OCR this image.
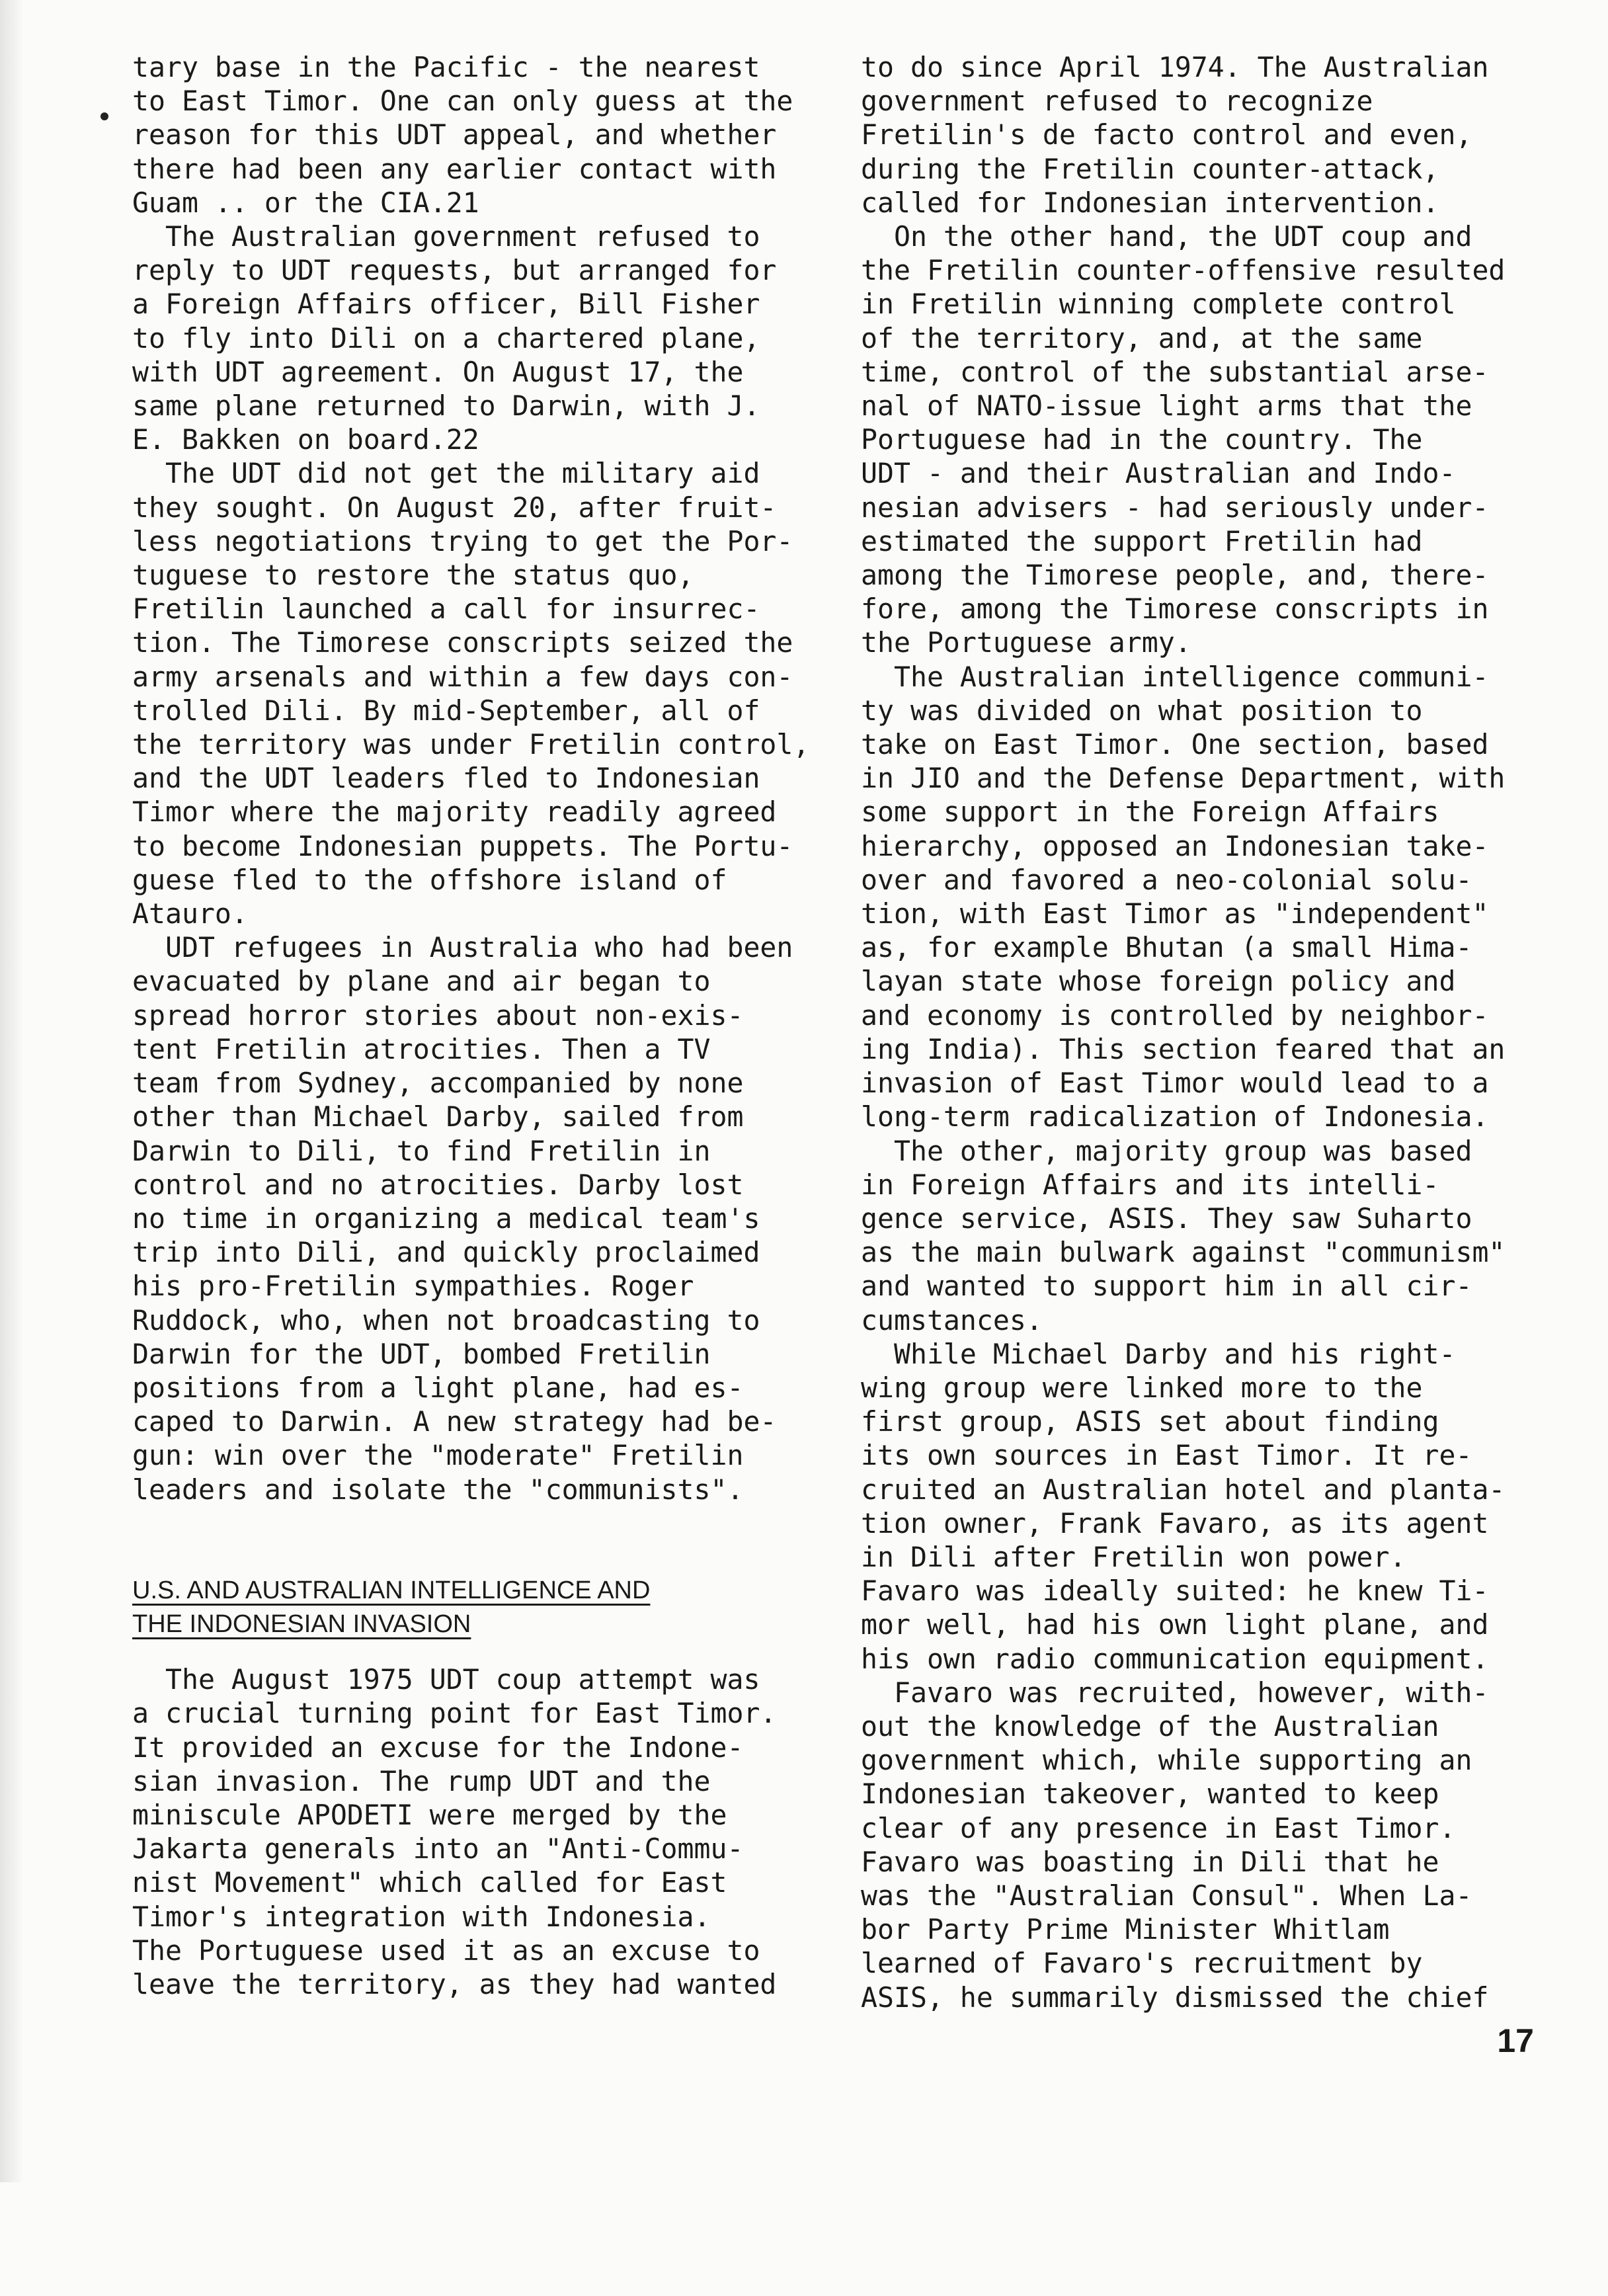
tary base in the Pacific - the nearest
to East Timor. One can only guess at the
reason for this UDT appeal, and whether
there had been any earlier contact with
Guam .. or the CIA.21
The Australian government refused to
reply to UDT requests, but arranged for
a Foreign Affairs officer, Bill Fisher
to fly into Dili on a chartered plane,
with UDT agreement. On August 17, the
same plane returned to Darwin, with J.
E. Bakken on board.22
The UDT did not get the military aid
they sought. On August 20, after fruit-
less negotiations trying to get the Por-
tuguese to restore the status quo,
Fretilin launched a call for insurrec-
tion. The Timorese conscripts seized the
army arsenals and within a few days con-
trolled Dili. By mid-September, all of
the territory was under Fretilin control,
and the UDT leaders fled to Indonesian
Timor where the majority readily agreed
to become Indonesian puppets. The Portu-
guese fled to the offshore island of
Atauro.
UDT refugees in Australia who had been
evacuated by plane and air began to
spread horror stories about non-exis-
tent Fretilin atrocities. Then a TV
team from Sydney, accompanied by none
other than Michael Darby, sailed from
Darwin to Dili, to find Fretilin in
control and no atrocities. Darby lost
no time in organizing a medical team's
trip into Dili, and quickly proclaimed
his pro-Fretilin sympathies. Roger
Ruddock, who, when not broadcasting to
Darwin for the UDT, bombed Fretilin
positions from a light plane, had es-
caped to Darwin. A new strategy had be-
gun: win over the "moderate" Fretilin
leaders and isolate the "communists".
U.S. AND AUSTRALIAN INTELLIGENCE AND
THE INDONESIAN INVASION
The August 1975 UDT coup attempt was
a crucial turning point for East Timor.
It provided an excuse for the Indone-
sian invasion. The rump UDT and the
miniscule APODETI were merged by the
Jakarta generals into an "Anti-Commu-
nist Movement" which called for East
Timor's integration with Indonesia.
The Portuguese used it as an excuse to
leave the territory, as they had wanted
to do since April 1974. The Australian
government refused to recognize
Fretilin's de facto control and even,
during the Fretilin counter-attack,
called for Indonesian intervention.
On the other hand, the UDT coup and
the Fretilin counter-offensive resulted
in Fretilin winning complete control
of the territory, and, at the same
time, control of the substantial arse-
nal of NATO-issue light arms that the
Portuguese had in the country. The
UDT - and their Australian and Indo-
nesian advisers - had seriously under-
estimated the support Fretilin had
among the Timorese people, and, there-
fore, among the Timorese conscripts in
the Portuguese army.
The Australian intelligence communi-
ty was divided on what position to
take on East Timor. One section, based
in JIO and the Defense Department, with
some support in the Foreign Affairs
hierarchy, opposed an Indonesian take-
over and favored a neo-colonial solu-
tion, with East Timor as "independent"
as, for example Bhutan (a small Hima-
layan state whose foreign policy and
and economy is controlled by neighbor-
ing India). This section feared that an
invasion of East Timor would lead to a
long-term radicalization of Indonesia.
The other, majority group was based
in Foreign Affairs and its intelli-
gence service, ASIS. They saw Suharto
as the main bulwark against "communism"
and wanted to support him in all cir-
cumstances.
While Michael Darby and his right-
wing group were linked more to the
first group, ASIS set about finding
its own sources in East Timor. It re-
cruited an Australian hotel and planta-
tion owner, Frank Favaro, as its agent
in Dili after Fretilin won power.
Favaro was ideally suited: he knew Ti-
mor well, had his own light plane, and
his own radio communication equipment.
Favaro was recruited, however, with-
out the knowledge of the Australian
government which, while supporting an
Indonesian takeover, wanted to keep
clear of any presence in East Timor.
Favaro was boasting in Dili that he
was the "Australian Consul". When La-
bor Party Prime Minister Whitlam
learned of Favaro's recruitment by
ASIS, he summarily dismissed the chief
17
